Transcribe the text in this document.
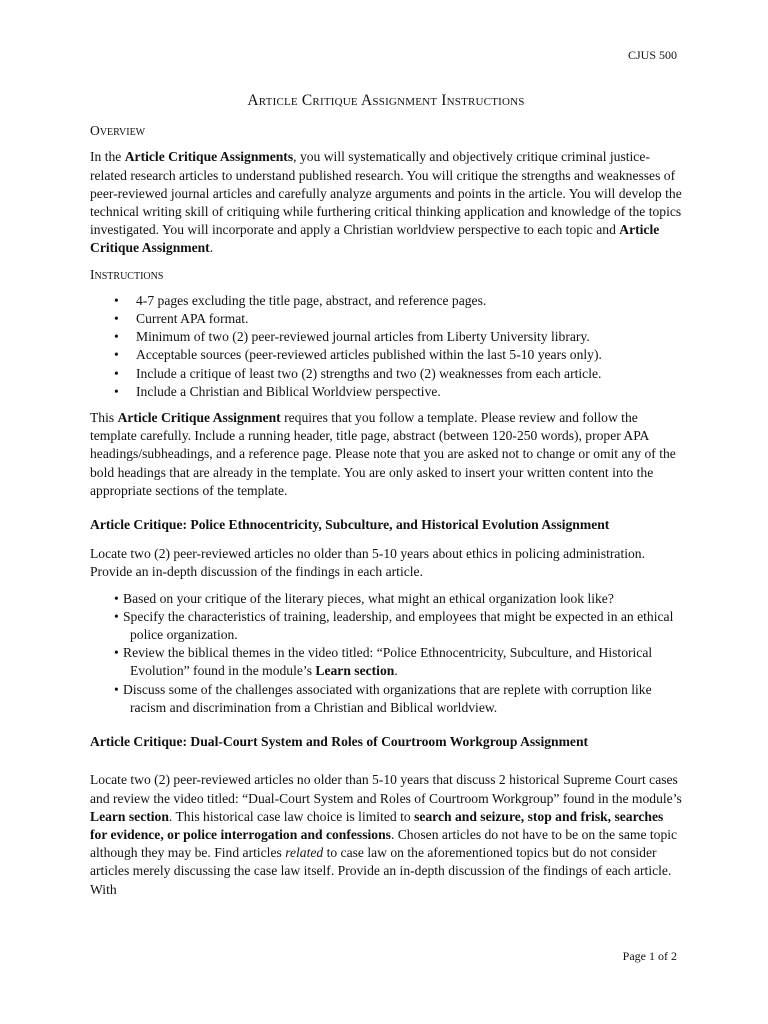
CJUS 500
Article Critique Assignment Instructions
Overview

In the Article Critique Assignments, you will systematically and objectively critique criminal justice-related research articles to understand published research. You will critique the strengths and weaknesses of peer-reviewed journal articles and carefully analyze arguments and points in the article. You will develop the technical writing skill of critiquing while furthering critical thinking application and knowledge of the topics investigated. You will incorporate and apply a Christian worldview perspective to each topic and Article Critique Assignment.

Instructions
• 4-7 pages excluding the title page, abstract, and reference pages.
• Current APA format.
• Minimum of two (2) peer-reviewed journal articles from Liberty University library.
• Acceptable sources (peer-reviewed articles published within the last 5-10 years only).
• Include a critique of least two (2) strengths and two (2) weaknesses from each article.
• Include a Christian and Biblical Worldview perspective.

This Article Critique Assignment requires that you follow a template. Please review and follow the template carefully. Include a running header, title page, abstract (between 120-250 words), proper APA headings/subheadings, and a reference page. Please note that you are asked not to change or omit any of the bold headings that are already in the template. You are only asked to insert your written content into the appropriate sections of the template.

Article Critique: Police Ethnocentricity, Subculture, and Historical Evolution Assignment

Locate two (2) peer-reviewed articles no older than 5-10 years about ethics in policing administration. Provide an in-depth discussion of the findings in each article.

• Based on your critique of the literary pieces, what might an ethical organization look like?
• Specify the characteristics of training, leadership, and employees that might be expected in an ethical police organization.
• Review the biblical themes in the video titled: “Police Ethnocentricity, Subculture, and Historical Evolution” found in the module’s Learn section.
• Discuss some of the challenges associated with organizations that are replete with corruption like racism and discrimination from a Christian and Biblical worldview.
Article Critique: Dual-Court System and Roles of Courtroom Workgroup Assignment

Locate two (2) peer-reviewed articles no older than 5-10 years that discuss 2 historical Supreme Court cases and review the video titled: “Dual-Court System and Roles of Courtroom Workgroup” found in the module’s Learn section. This historical case law choice is limited to search and seizure, stop and frisk, searches for evidence, or police interrogation and confessions. Chosen articles do not have to be on the same topic although they may be. Find articles related to case law on the aforementioned topics but do not consider articles merely discussing the case law itself. Provide an in-depth discussion of the findings of each article. With

Page 1 of 2
